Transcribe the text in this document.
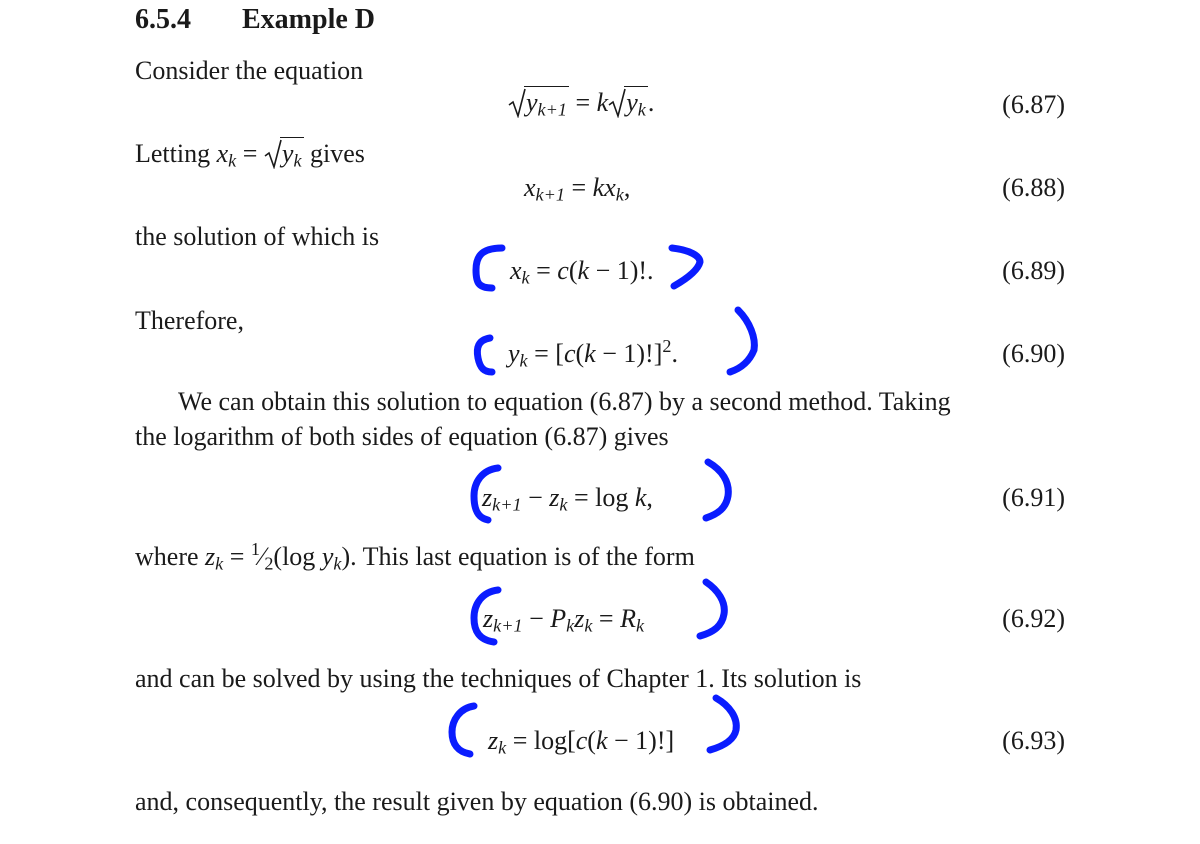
6.5.4 Example D
Consider the equation
$y_{k+1} = k$ $y_k$.	(6.87)
Letting $x_k$ =
$y_k$ gives
$x_{k+1} = kx_k$,	(6.88)
the solution of which is
$x_k = c(k - 1)$!.	(6.89)
Therefore,
$y_k = [c(k - 1)!]^2$.	(6.90)
We can obtain this solution to equation (6.87) by a second method. Taking
the logarithm of both sides of equation (6.87) gives
$z_{k+1} - z_k = \log k$,	(6.91)
where $z_k$ = $^1⁄_2(\log$ $y_k$). This last equation is of the form
$z_{k+1} - P_kz_k = R_k$	(6.92)
and can be solved by using the techniques of Chapter 1. Its solution is
$z_k = \log[c(k - 1)!]$	(6.93)
and, consequently, the result given by equation (6.90) is obtained.
